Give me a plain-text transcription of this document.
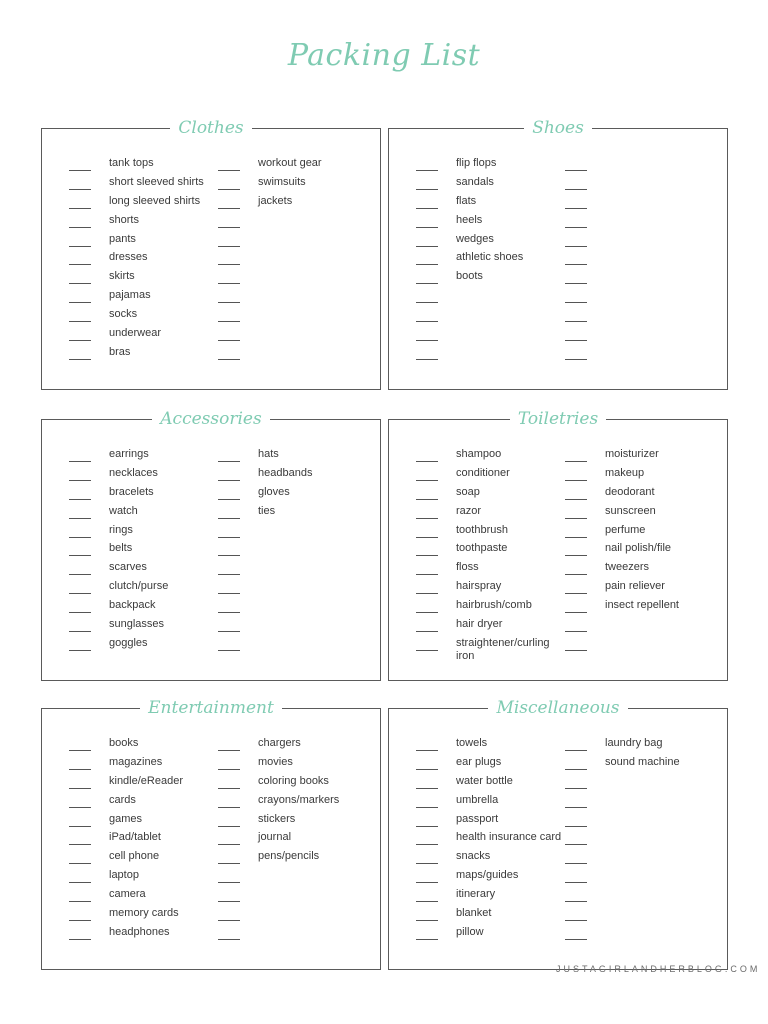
Packing List
Clothes
tank tops
short sleeved shirts
long sleeved shirts
shorts
pants
dresses
skirts
pajamas
socks
underwear
bras
workout gear
swimsuits
jackets
Shoes
flip flops
sandals
flats
heels
wedges
athletic shoes
boots
Accessories
earrings
necklaces
bracelets
watch
rings
belts
scarves
clutch/purse
backpack
sunglasses
goggles
hats
headbands
gloves
ties
Toiletries
shampoo
conditioner
soap
razor
toothbrush
toothpaste
floss
hairspray
hairbrush/comb
hair dryer
straightener/curling iron
moisturizer
makeup
deodorant
sunscreen
perfume
nail polish/file
tweezers
pain reliever
insect repellent
Entertainment
books
magazines
kindle/eReader
cards
games
iPad/tablet
cell phone
laptop
camera
memory cards
headphones
chargers
movies
coloring books
crayons/markers
stickers
journal
pens/pencils
Miscellaneous
towels
ear plugs
water bottle
umbrella
passport
health insurance card
snacks
maps/guides
itinerary
blanket
pillow
laundry bag
sound machine
JUSTAGIRLANDHERBLOG.COM
